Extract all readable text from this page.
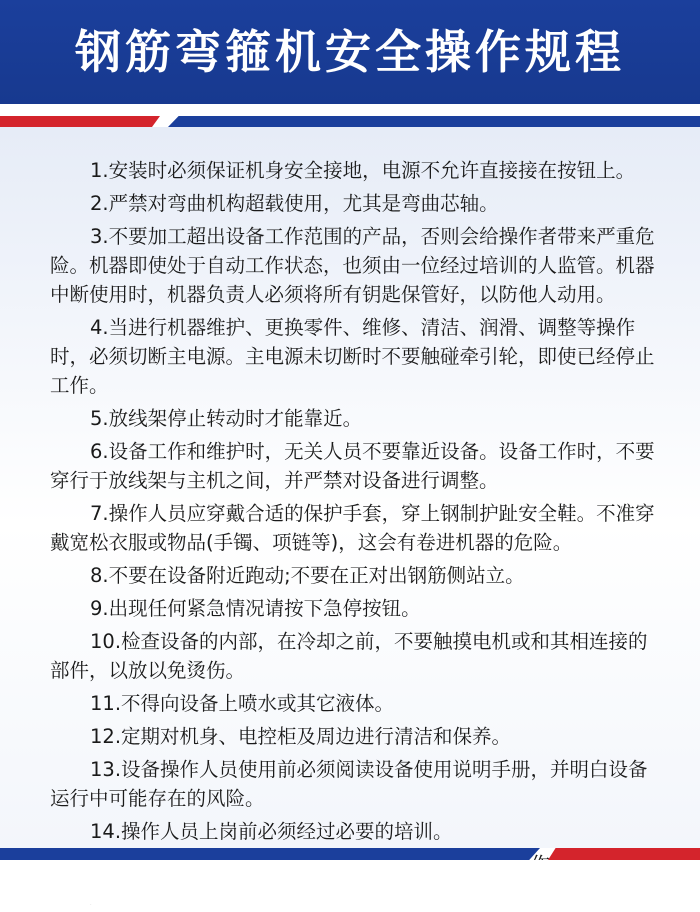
钢筋弯箍机安全操作规程

1.安装时必须保证机身安全接地，电源不允许直接接在按钮上。

2.严禁对弯曲机构超载使用，尤其是弯曲芯轴。

3.不要加工超出设备工作范围的产品，否则会给操作者带来严重危险。机器即使处于自动工作状态，也须由一位经过培训的人监管。机器中断使用时，机器负责人必须将所有钥匙保管好，以防他人动用。

4.当进行机器维护、更换零件、维修、清洁、润滑、调整等操作时，必须切断主电源。主电源未切断时不要触碰牵引轮，即使已经停止工作。

5.放线架停止转动时才能靠近。

6.设备工作和维护时，无关人员不要靠近设备。设备工作时，不要穿行于放线架与主机之间，并严禁对设备进行调整。

7.操作人员应穿戴合适的保护手套，穿上钢制护趾安全鞋。不准穿戴宽松衣服或物品(手镯、项链等)，这会有卷进机器的危险。

8.不要在设备附近跑动;不要在正对出钢筋侧站立。

9.出现任何紧急情况请按下急停按钮。

10.检查设备的内部，在冷却之前，不要触摸电机或和其相连接的部件，以放以免烫伤。

11.不得向设备上喷水或其它液体。

12.定期对机身、电控柜及周边进行清洁和保养。

13.设备操作人员使用前必须阅读设备使用说明手册，并明白设备运行中可能存在的风险。

14.操作人员上岗前必须经过必要的培训。
